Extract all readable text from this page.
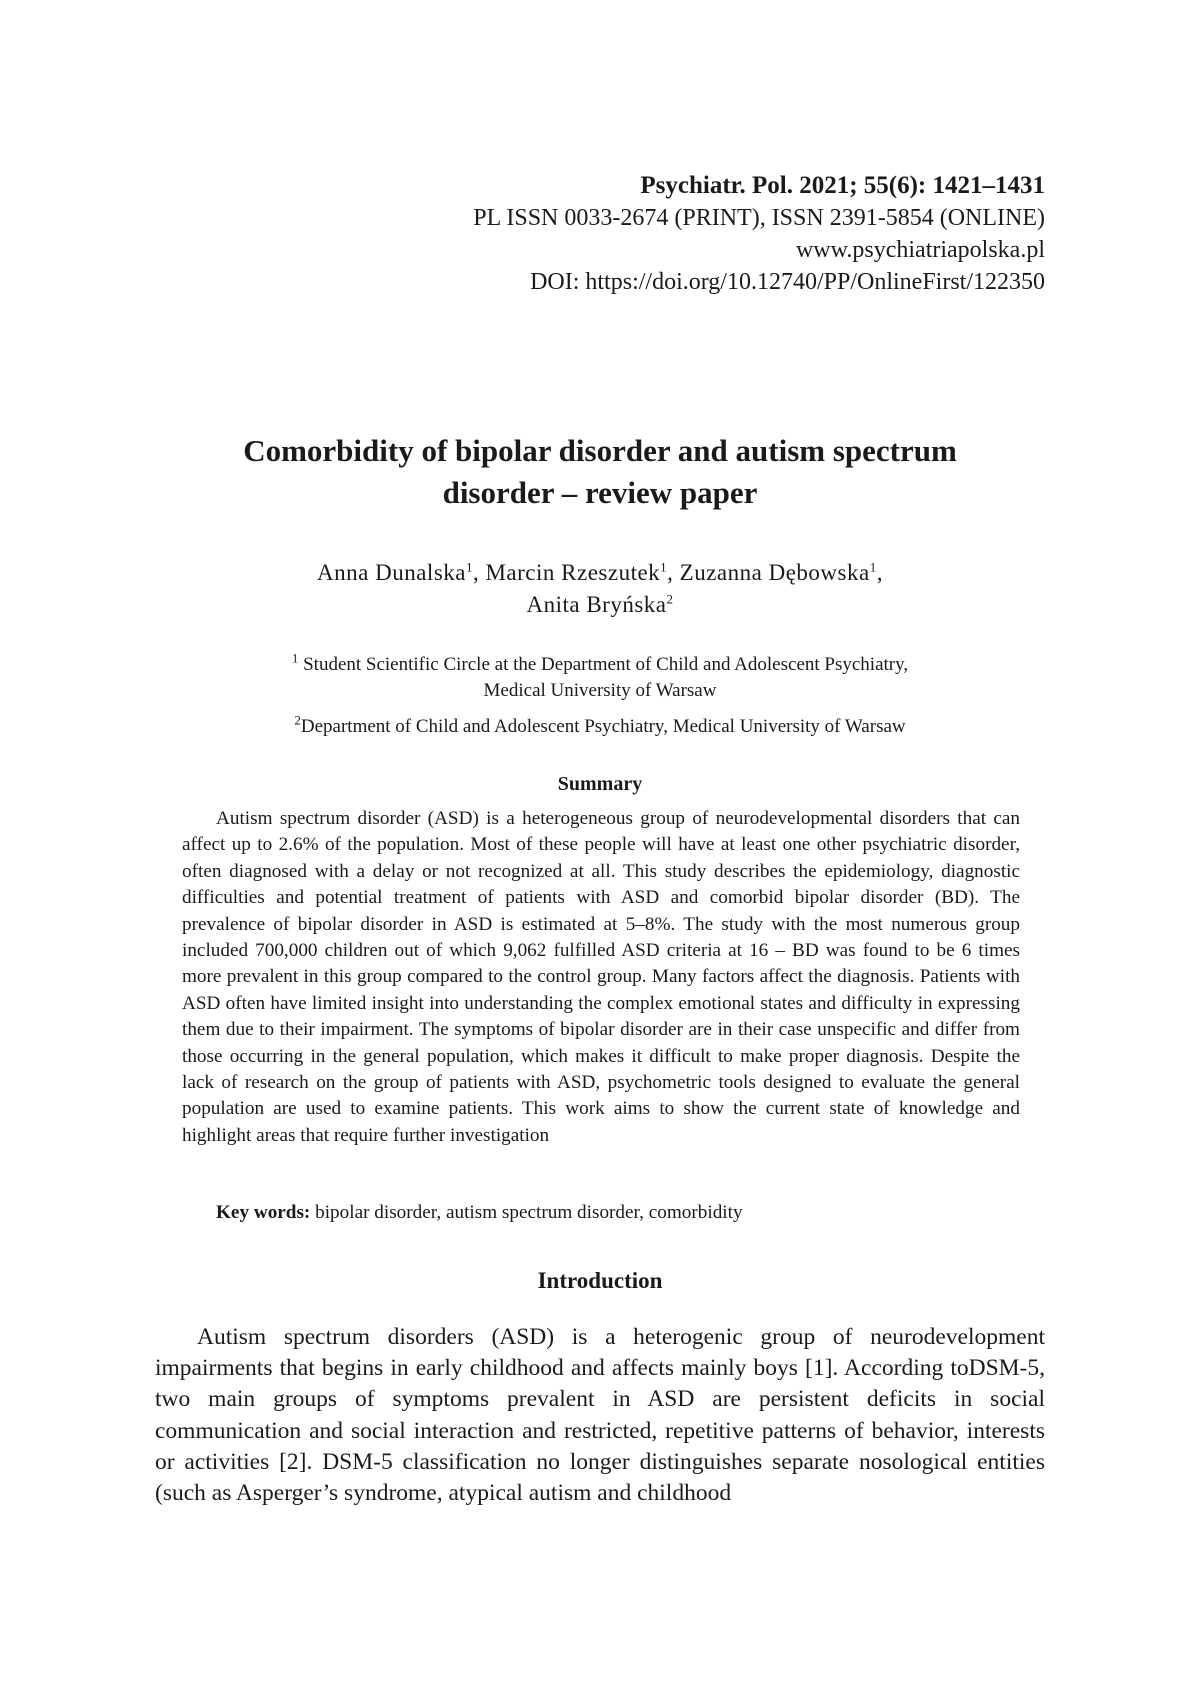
Psychiatr. Pol. 2021; 55(6): 1421–1431
PL ISSN 0033-2674 (PRINT), ISSN 2391-5854 (ONLINE)
www.psychiatriapolska.pl
DOI: https://doi.org/10.12740/PP/OnlineFirst/122350
Comorbidity of bipolar disorder and autism spectrum
disorder – review paper
Anna Dunalska$^1$, Marcin Rzeszutek$^1$, Zuzanna Dębowska$^1$,
Anita Bryńska$^2$
$^1$ Student Scientific Circle at the Department of Child and Adolescent Psychiatry,
Medical University of Warsaw
$^2$Department of Child and Adolescent Psychiatry, Medical University of Warsaw
Summary

Autism spectrum disorder (ASD) is a heterogeneous group of neurodevelopmental disorders that can affect up to 2.6% of the population. Most of these people will have at least one other psychiatric disorder, often diagnosed with a delay or not recognized at all. This study describes the epidemiology, diagnostic difficulties and potential treatment of patients with ASD and comorbid bipolar disorder (BD). The prevalence of bipolar disorder in ASD is estimated at 5–8%. The study with the most numerous group included 700,000 children out of which 9,062 fulfilled ASD criteria at 16 – BD was found to be 6 times more prevalent in this group compared to the control group. Many factors affect the diagnosis. Patients with ASD often have limited insight into understanding the complex emotional states and difficulty in expressing them due to their impairment. The symptoms of bipolar disorder are in their case unspecific and differ from those occurring in the general population, which makes it difficult to make proper diagnosis. Despite the lack of research on the group of patients with ASD, psychometric tools designed to evaluate the general population are used to examine patients. This work aims to show the current state of knowledge and highlight areas that require further investigation

Key words: bipolar disorder, autism spectrum disorder, comorbidity
Introduction

Autism spectrum disorders (ASD) is a heterogenic group of neurodevelopment impairments that begins in early childhood and affects mainly boys [1]. According toDSM-5, two main groups of symptoms prevalent in ASD are persistent deficits in social communication and social interaction and restricted, repetitive patterns of behavior, interests or activities [2]. DSM-5 classification no longer distinguishes separate nosological entities (such as Asperger’s syndrome, atypical autism and childhood
